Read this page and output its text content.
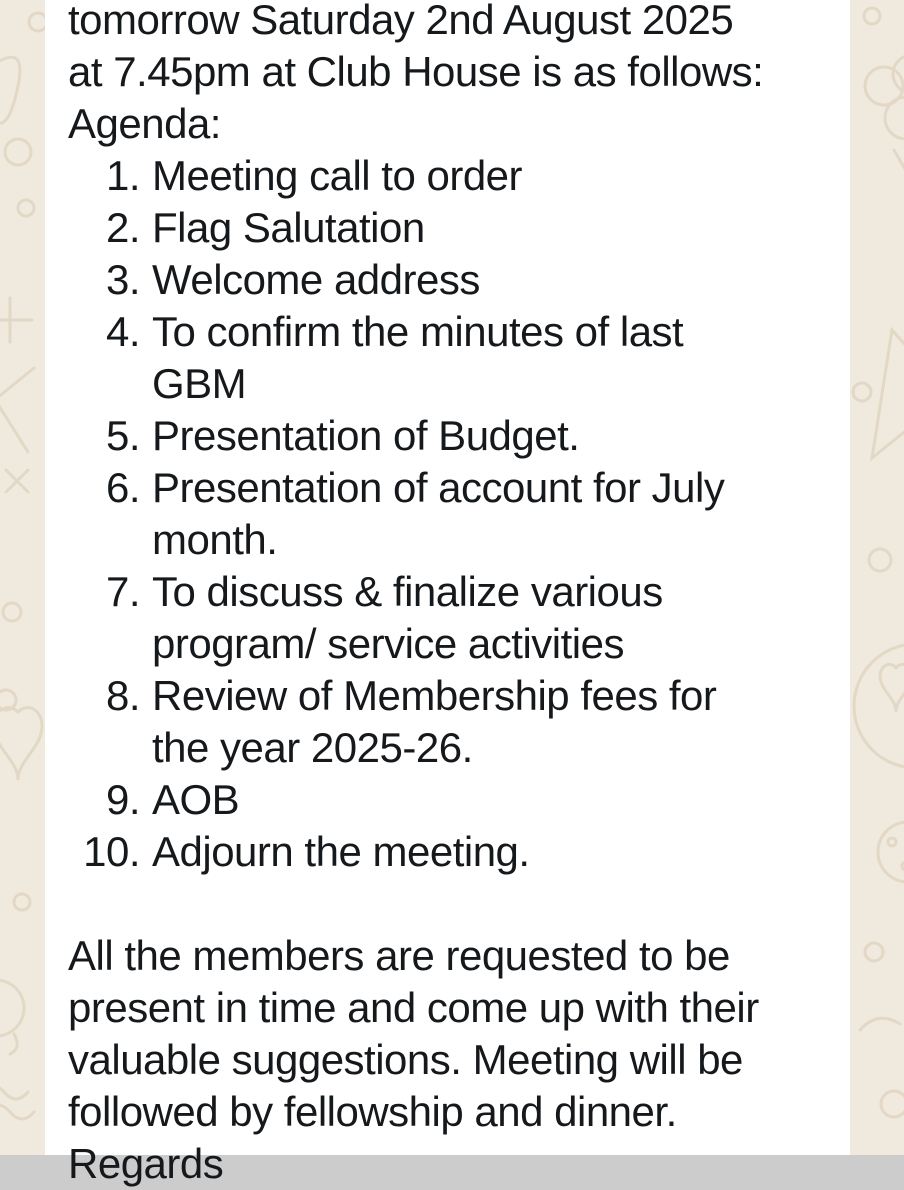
tomorrow Saturday 2nd August 2025
at 7.45pm at Club House is as follows:
Agenda:
1. Meeting call to order
2. Flag Salutation
3. Welcome address
4. To confirm the minutes of last
GBM
5. Presentation of Budget.
6. Presentation of account for July
month.
7. To discuss & finalize various
program/ service activities
8. Review of Membership fees for
the year 2025-26.
9. AOB
10. Adjourn the meeting.
All the members are requested to be
present in time and come up with their
valuable suggestions. Meeting will be
followed by fellowship and dinner.
Regards
